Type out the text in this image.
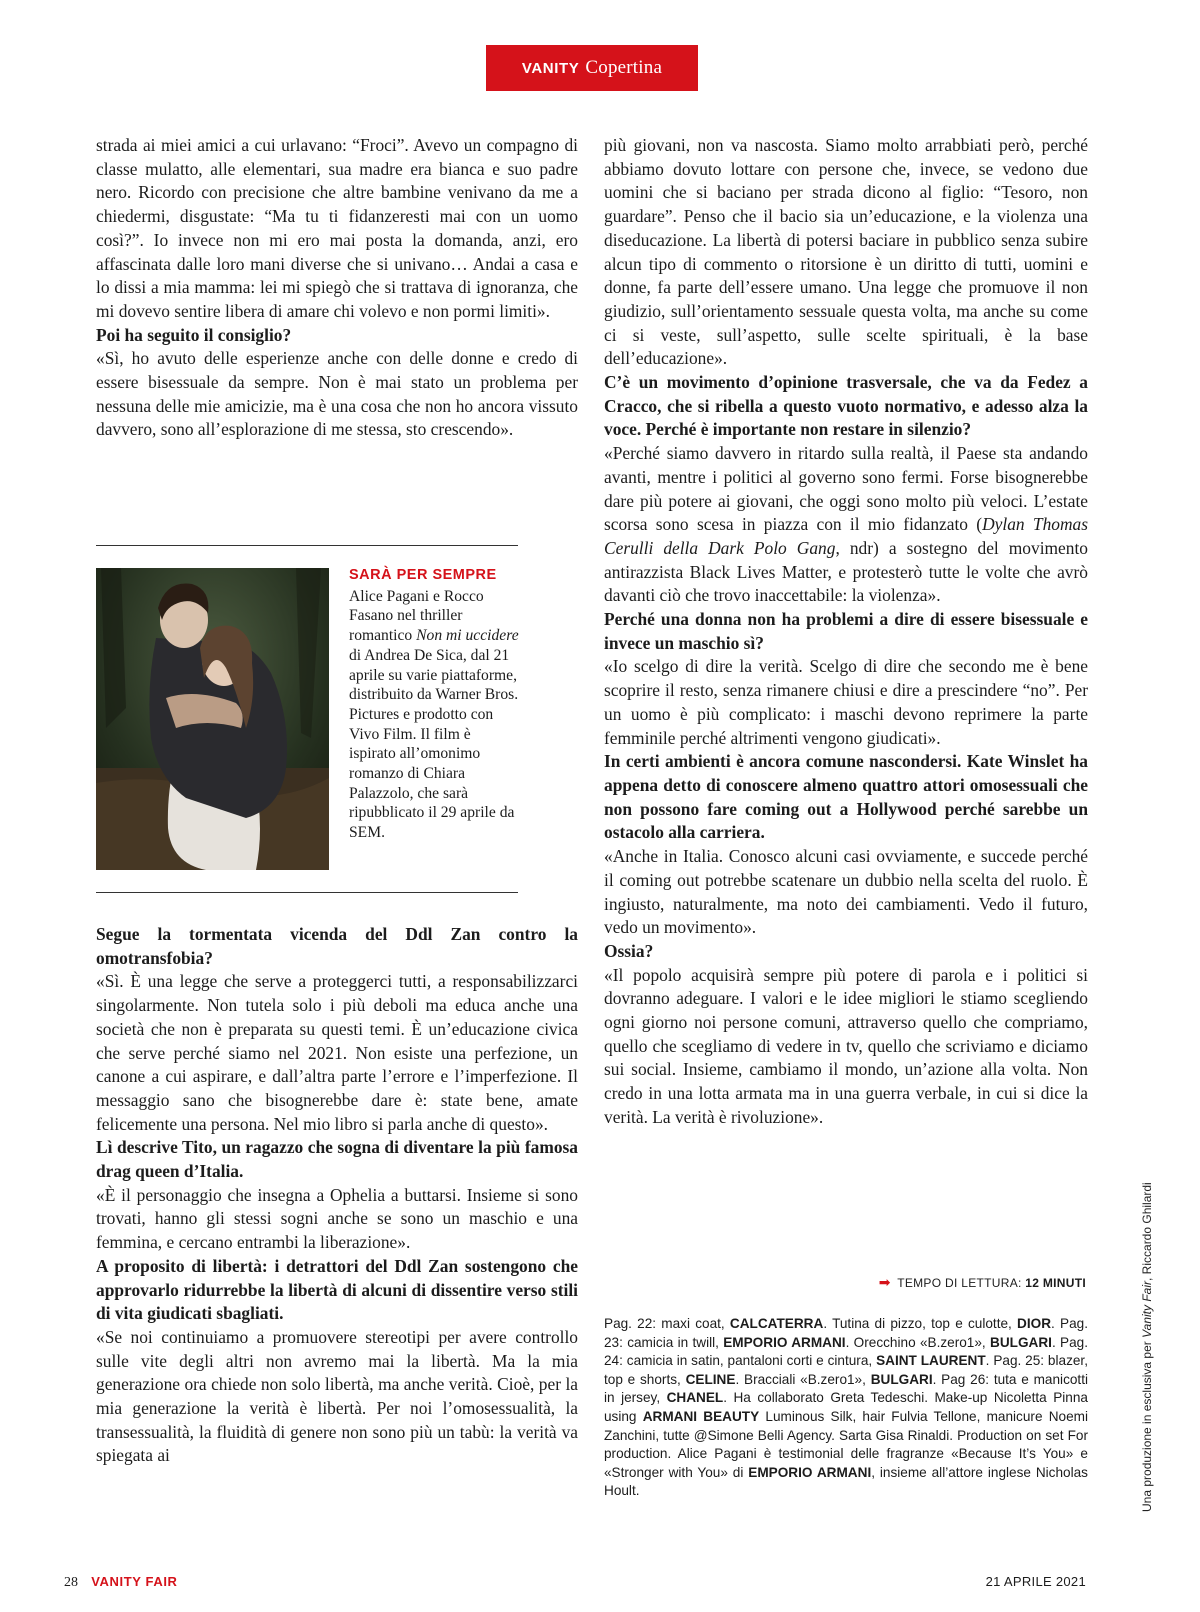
VANITY Copertina

strada ai miei amici a cui urlavano: “Froci”. Avevo un compagno di classe mulatto, alle elementari, sua madre era bianca e suo padre nero. Ricordo con precisione che altre bambine venivano da me a chiedermi, disgustate: “Ma tu ti fidanzeresti mai con un uomo così?”. Io invece non mi ero mai posta la domanda, anzi, ero affascinata dalle loro mani diverse che si univano… Andai a casa e lo dissi a mia mamma: lei mi spiegò che si trattava di ignoranza, che mi dovevo sentire libera di amare chi volevo e non pormi limiti».

Poi ha seguito il consiglio?

«Sì, ho avuto delle esperienze anche con delle donne e credo di essere bisessuale da sempre. Non è mai stato un problema per nessuna delle mie amicizie, ma è una cosa che non ho ancora vissuto davvero, sono all’esplorazione di me stessa, sto crescendo».

SARÀ PER SEMPRE
Alice Pagani e Rocco Fasano nel thriller romantico Non mi uccidere di Andrea De Sica, dal 21 aprile su varie piattaforme, distribuito da Warner Bros. Pictures e prodotto con Vivo Film. Il film è ispirato all’omonimo romanzo di Chiara Palazzolo, che sarà ripubblicato il 29 aprile da SEM.

Segue la tormentata vicenda del Ddl Zan contro la omotransfobia?

«Sì. È una legge che serve a proteggerci tutti, a responsabilizzarci singolarmente. Non tutela solo i più deboli ma educa anche una società che non è preparata su questi temi. È un’educazione civica che serve perché siamo nel 2021. Non esiste una perfezione, un canone a cui aspirare, e dall’altra parte l’errore e l’imperfezione. Il messaggio sano che bisognerebbe dare è: state bene, amate felicemente una persona. Nel mio libro si parla anche di questo».

Lì descrive Tito, un ragazzo che sogna di diventare la più famosa drag queen d’Italia.

«È il personaggio che insegna a Ophelia a buttarsi. Insieme si sono trovati, hanno gli stessi sogni anche se sono un maschio e una femmina, e cercano entrambi la liberazione».

A proposito di libertà: i detrattori del Ddl Zan sostengono che approvarlo ridurrebbe la libertà di alcuni di dissentire verso stili di vita giudicati sbagliati.

«Se noi continuiamo a promuovere stereotipi per avere controllo sulle vite degli altri non avremo mai la libertà. Ma la mia generazione ora chiede non solo libertà, ma anche verità. Cioè, per la mia generazione la verità è libertà. Per noi l’omosessualità, la transessualità, la fluidità di genere non sono più un tabù: la verità va spiegata ai

più giovani, non va nascosta. Siamo molto arrabbiati però, perché abbiamo dovuto lottare con persone che, invece, se vedono due uomini che si baciano per strada dicono al figlio: “Tesoro, non guardare”. Penso che il bacio sia un’educazione, e la violenza una diseducazione. La libertà di potersi baciare in pubblico senza subire alcun tipo di commento o ritorsione è un diritto di tutti, uomini e donne, fa parte dell’essere umano. Una legge che promuove il non giudizio, sull’orientamento sessuale questa volta, ma anche su come ci si veste, sull’aspetto, sulle scelte spirituali, è la base dell’educazione».

C’è un movimento d’opinione trasversale, che va da Fedez a Cracco, che si ribella a questo vuoto normativo, e adesso alza la voce. Perché è importante non restare in silenzio?

«Perché siamo davvero in ritardo sulla realtà, il Paese sta andando avanti, mentre i politici al governo sono fermi. Forse bisognerebbe dare più potere ai giovani, che oggi sono molto più veloci. L’estate scorsa sono scesa in piazza con il mio fidanzato (Dylan Thomas Cerulli della Dark Polo Gang, ndr) a sostegno del movimento antirazzista Black Lives Matter, e protesterò tutte le volte che avrò davanti ciò che trovo inaccettabile: la violenza».

Perché una donna non ha problemi a dire di essere bisessuale e invece un maschio sì?

«Io scelgo di dire la verità. Scelgo di dire che secondo me è bene scoprire il resto, senza rimanere chiusi e dire a prescindere “no”. Per un uomo è più complicato: i maschi devono reprimere la parte femminile perché altrimenti vengono giudicati».

In certi ambienti è ancora comune nascondersi. Kate Winslet ha appena detto di conoscere almeno quattro attori omosessuali che non possono fare coming out a Hollywood perché sarebbe un ostacolo alla carriera.

«Anche in Italia. Conosco alcuni casi ovviamente, e succede perché il coming out potrebbe scatenare un dubbio nella scelta del ruolo. È ingiusto, naturalmente, ma noto dei cambiamenti. Vedo il futuro, vedo un movimento».

Ossia?

«Il popolo acquisirà sempre più potere di parola e i politici si dovranno adeguare. I valori e le idee migliori le stiamo scegliendo ogni giorno noi persone comuni, attraverso quello che compriamo, quello che scegliamo di vedere in tv, quello che scriviamo e diciamo sui social. Insieme, cambiamo il mondo, un’azione alla volta. Non credo in una lotta armata ma in una guerra verbale, in cui si dice la verità. La verità è rivoluzione».

➡ TEMPO DI LETTURA: 12 MINUTI
Pag. 22: maxi coat, CALCATERRA. Tutina di pizzo, top e culotte, DIOR. Pag. 23: camicia in twill, EMPORIO ARMANI. Orecchino «B.zero1», BULGARI. Pag. 24: camicia in satin, pantaloni corti e cintura, SAINT LAURENT. Pag. 25: blazer, top e shorts, CELINE. Bracciali «B.zero1», BULGARI. Pag 26: tuta e manicotti in jersey, CHANEL. Ha collaborato Greta Tedeschi. Make-up Nicoletta Pinna using ARMANI BEAUTY Luminous Silk, hair Fulvia Tellone, manicure Noemi Zanchini, tutte @Simone Belli Agency. Sarta Gisa Rinaldi. Production on set For production. Alice Pagani è testimonial delle fragranze «Because It’s You» e «Stronger with You» di EMPORIO ARMANI, insieme all’attore inglese Nicholas Hoult.	Una produzione in esclusiva per Vanity Fair, Riccardo Ghilardi
28 VANITY FAIR	21 APRILE 2021
